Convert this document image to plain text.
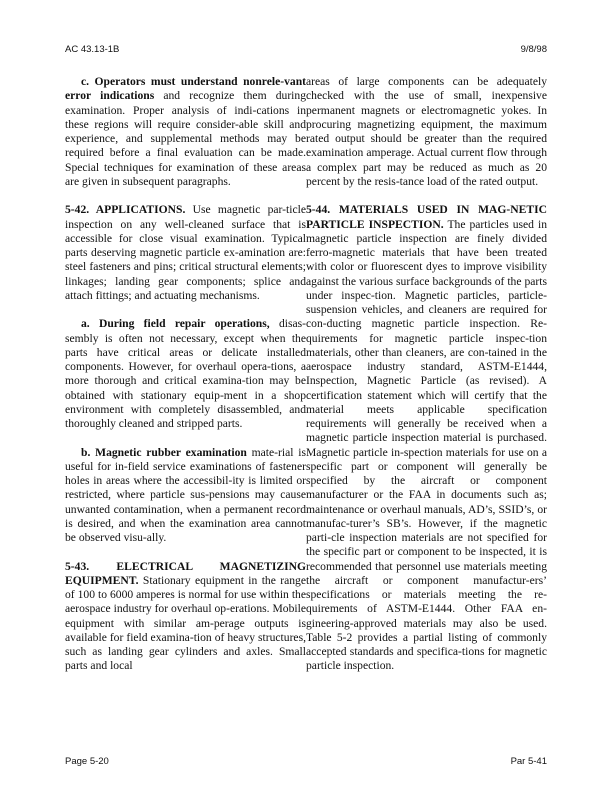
AC 43.13-1B	9/8/98

c. Operators must understand nonrele-vant error indications and recognize them during examination. Proper analysis of indi-cations in these regions will require consider-able skill and experience, and supplemental methods may be required before a final evaluation can be made. Special techniques for examination of these areas are given in subsequent paragraphs.

5-42. APPLICATIONS. Use magnetic par-ticle inspection on any well-cleaned surface that is accessible for close visual examination. Typical parts deserving magnetic particle ex-amination are: steel fasteners and pins; critical structural elements; linkages; landing gear components; splice and attach fittings; and actuating mechanisms.

a. During field repair operations, disas-sembly is often not necessary, except when the parts have critical areas or delicate installed components. However, for overhaul opera-tions, a more thorough and critical examina-tion may be obtained with stationary equip-ment in a shop environment with completely disassembled, and thoroughly cleaned and stripped parts.

b. Magnetic rubber examination mate-rial is useful for in-field service examinations of fastener holes in areas where the accessibil-ity is limited or restricted, where particle sus-pensions may cause unwanted contamination, when a permanent record is desired, and when the examination area cannot be observed visu-ally.

5-43. ELECTRICAL MAGNETIZING EQUIPMENT. Stationary equipment in the range of 100 to 6000 amperes is normal for use within the aerospace industry for overhaul op-erations. Mobile equipment with similar am-perage outputs is available for field examina-tion of heavy structures, such as landing gear cylinders and axles. Small parts and local

areas of large components can be adequately checked with the use of small, inexpensive permanent magnets or electromagnetic yokes. In procuring magnetizing equipment, the maximum rated output should be greater than the required examination amperage. Actual current flow through a complex part may be reduced as much as 20 percent by the resis-tance load of the rated output.

5-44. MATERIALS USED IN MAG-NETIC PARTICLE INSPECTION. The particles used in magnetic particle inspection are finely divided ferro-magnetic materials that have been treated with color or fluorescent dyes to improve visibility against the various surface backgrounds of the parts under inspec-tion. Magnetic particles, particle-suspension vehicles, and cleaners are required for con-ducting magnetic particle inspection. Re-quirements for magnetic particle inspec-tion materials, other than cleaners, are con-tained in the aerospace industry standard, ASTM-E1444, Inspection, Magnetic Particle (as revised). A certification statement which will certify that the material meets applicable specification requirements will generally be received when a magnetic particle inspection material is purchased. Magnetic particle in-spection materials for use on a specific part or component will generally be specified by the aircraft or component manufacturer or the FAA in documents such as; maintenance or overhaul manuals, AD’s, SSID’s, or manufac-turer’s SB’s. However, if the magnetic parti-cle inspection materials are not specified for the specific part or component to be inspected, it is recommended that personnel use materials meeting the aircraft or component manufactur-ers’ specifications or materials meeting the re-quirements of ASTM-E1444. Other FAA en-gineering-approved materials may also be used. Table 5-2 provides a partial listing of commonly accepted standards and specifica-tions for magnetic particle inspection.

Page 5-20	Par 5-41
